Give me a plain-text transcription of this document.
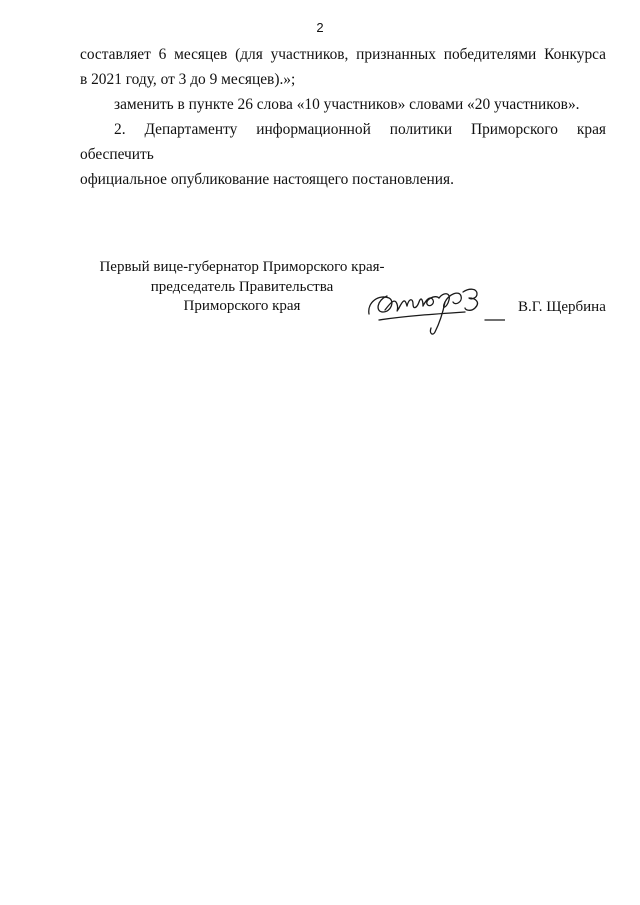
2

составляет 6 месяцев (для участников, признанных победителями Конкурса
в 2021 году, от 3 до 9 месяцев).»;

заменить в пункте 26 слова «10 участников» словами «20 участников».

2. Департаменту информационной политики Приморского края обеспечить
официальное опубликование настоящего постановления.

Первый вице-губернатор Приморского края-
председатель Правительства
Приморского края	В.Г. Щербина
